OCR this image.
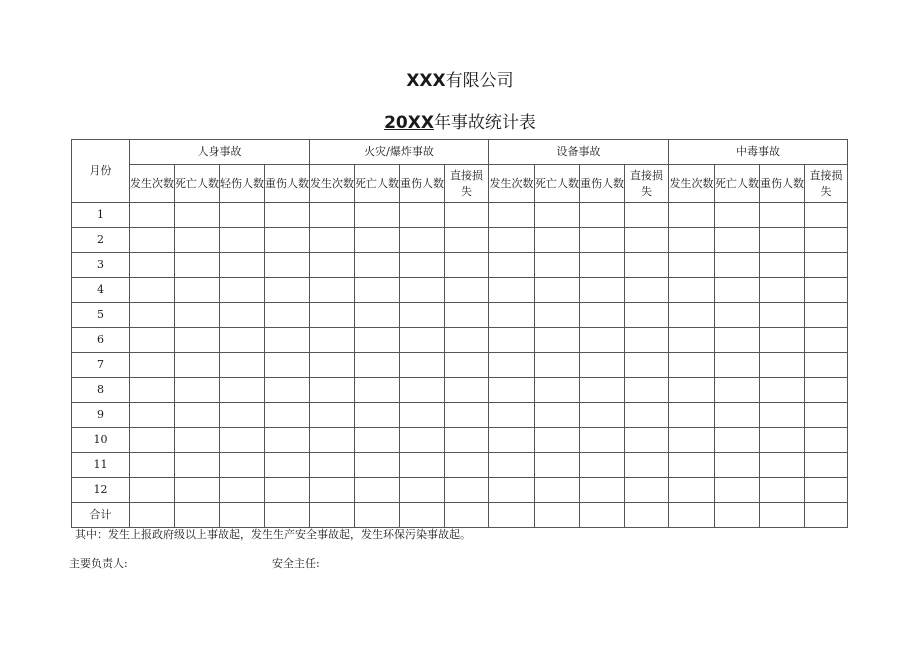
XXX有限公司
20XX年事故统计表
月份	人身事故				火灾/爆炸事故				设备事故				中毒事故			
	发生次数	死亡人数	轻伤人数	重伤人数	发生次数	死亡人数	重伤人数	直接损失	发生次数	死亡人数	重伤人数	直接损失	发生次数	死亡人数	重伤人数	直接损失
1																
2																
3																
4																
5																
6																
7																
8																
9																
10																
11																
12																
合计																
其中：发生上报政府级以上事故起，发生生产安全事故起，发生环保污染事故起。
主要负责人:	安全主任:
